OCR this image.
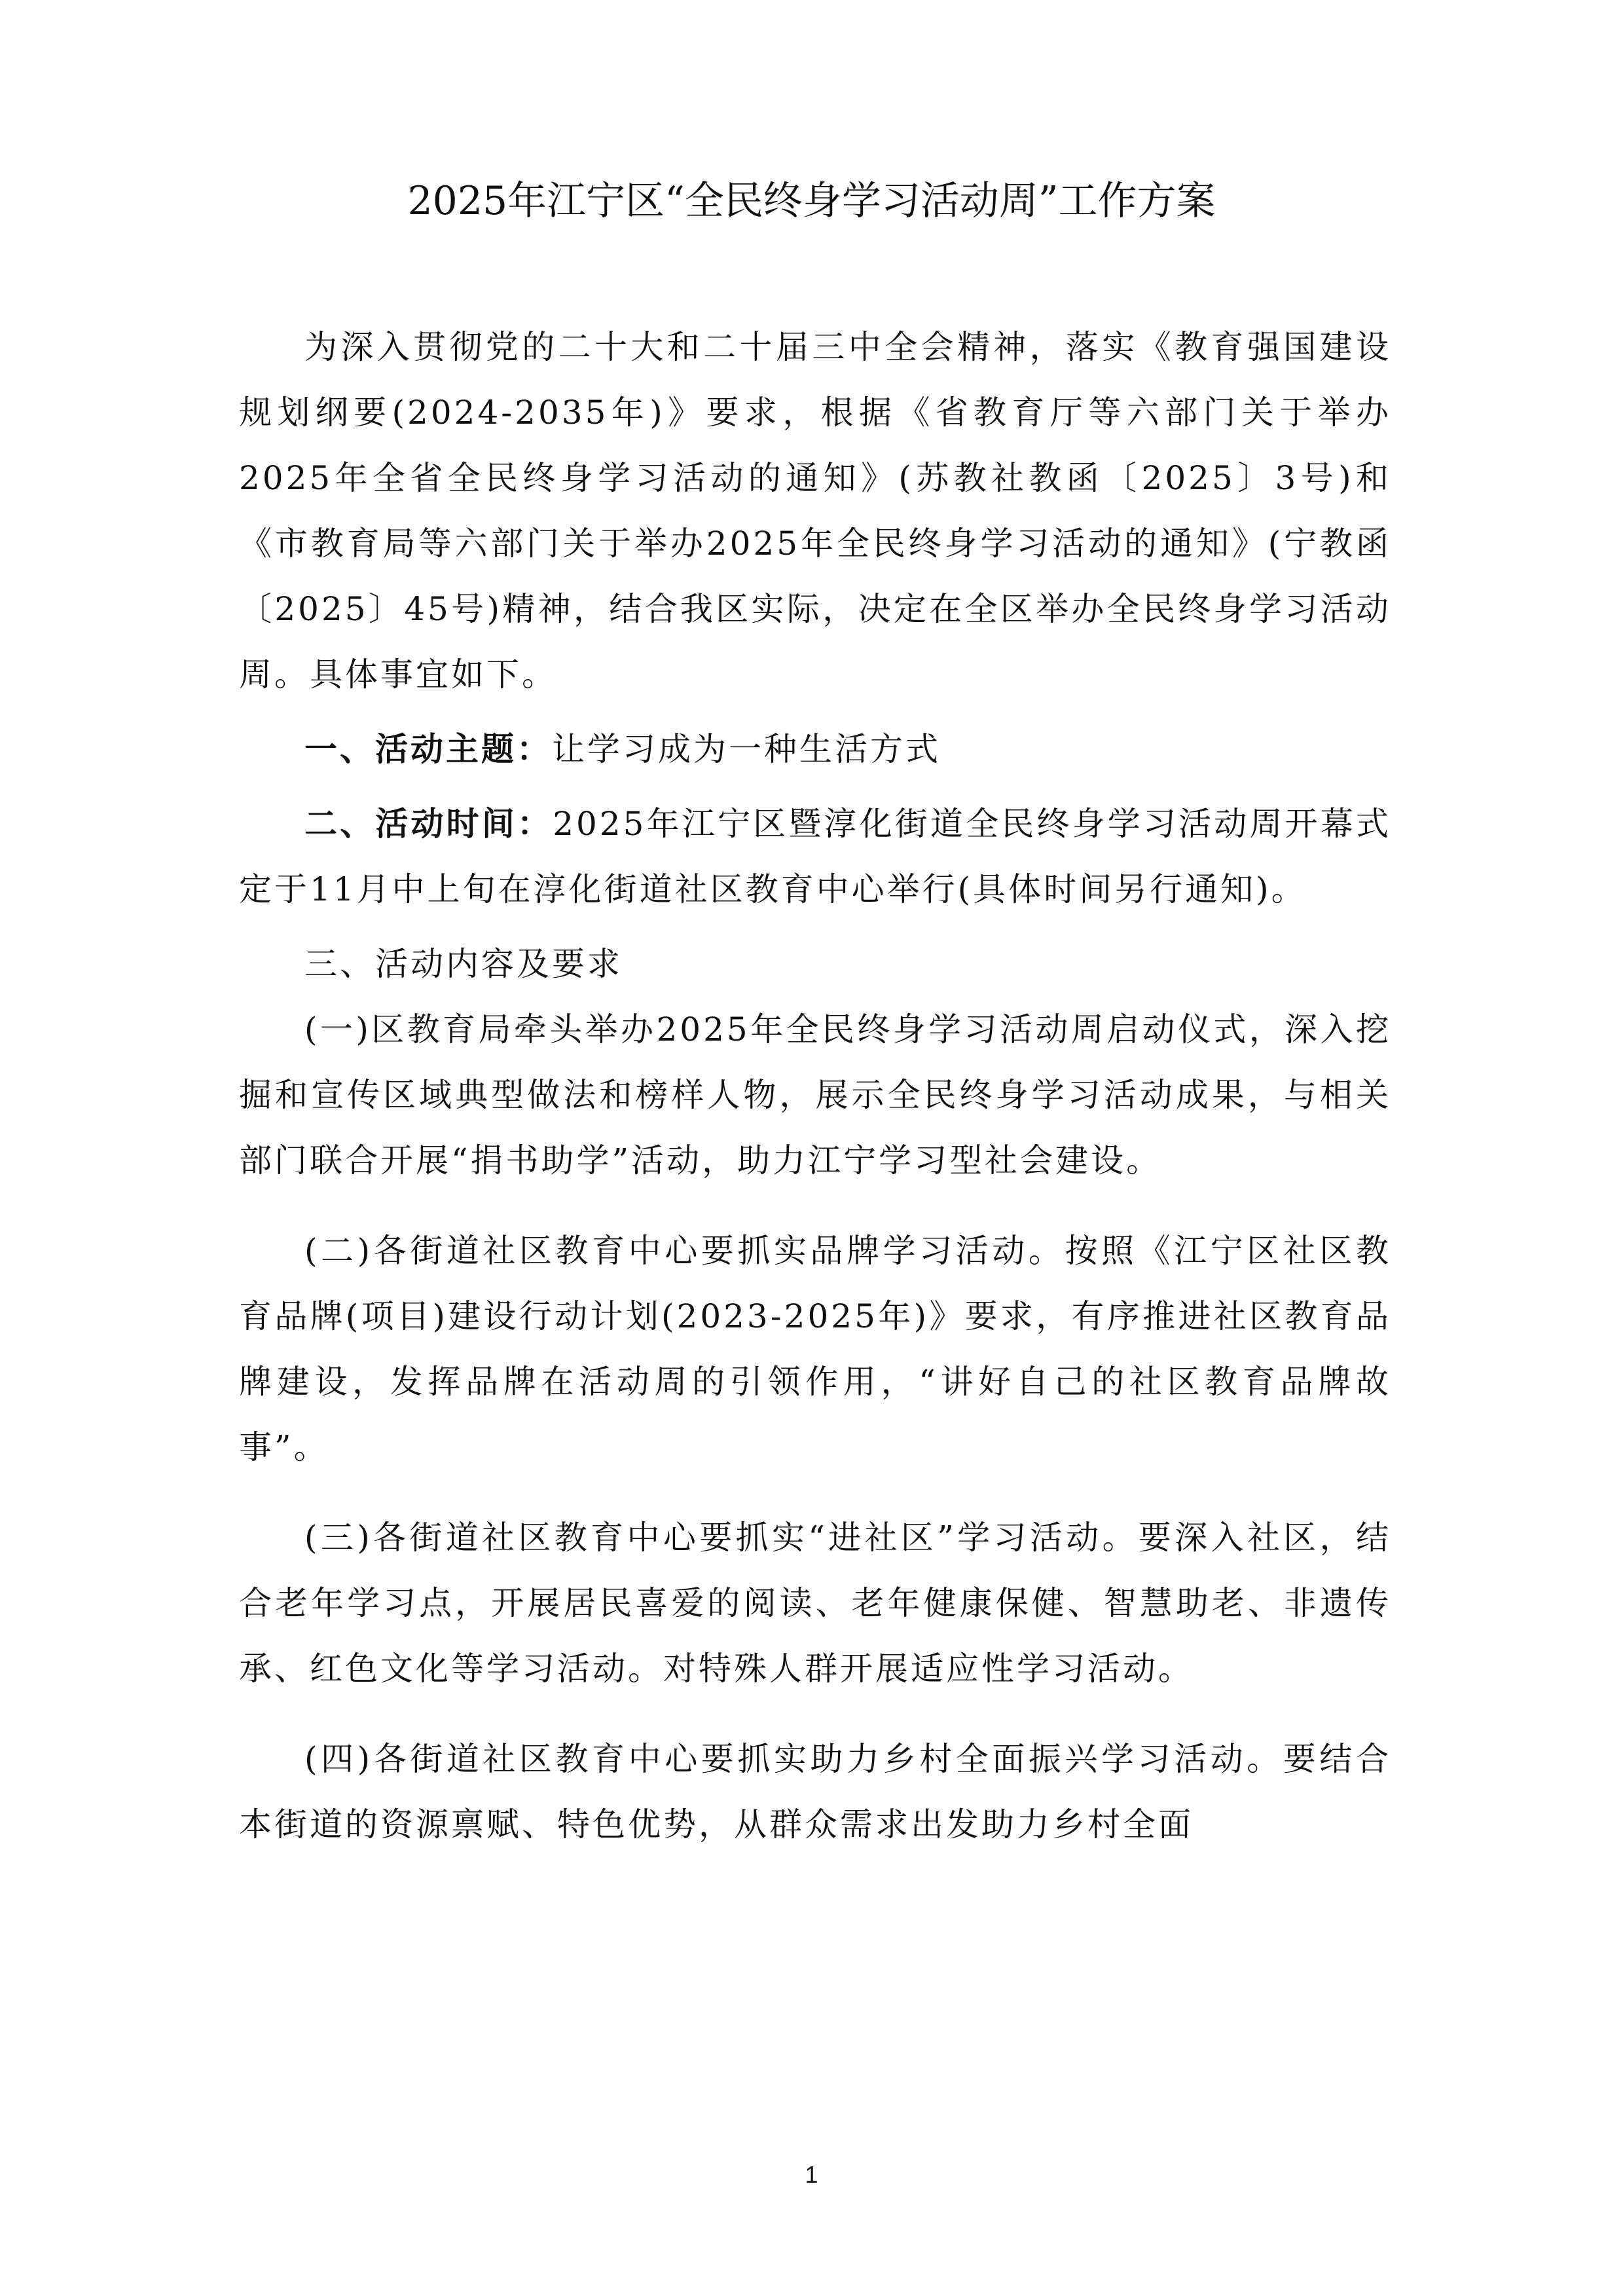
2025年江宁区“全民终身学习活动周”工作方案

为深入贯彻党的二十大和二十届三中全会精神，落实《教育强国建设规划纲要(2024-2035年)》要求，根据《省教育厅等六部门关于举办2025年全省全民终身学习活动的通知》(苏教社教函〔2025〕3号)和《市教育局等六部门关于举办2025年全民终身学习活动的通知》(宁教函〔2025〕45号)精神，结合我区实际，决定在全区举办全民终身学习活动周。具体事宜如下。

一、活动主题：让学习成为一种生活方式

二、活动时间：2025年江宁区暨淳化街道全民终身学习活动周开幕式定于11月中上旬在淳化街道社区教育中心举行(具体时间另行通知)。

三、活动内容及要求

(一)区教育局牵头举办2025年全民终身学习活动周启动仪式，深入挖掘和宣传区域典型做法和榜样人物，展示全民终身学习活动成果，与相关部门联合开展“捐书助学”活动，助力江宁学习型社会建设。

(二)各街道社区教育中心要抓实品牌学习活动。按照《江宁区社区教育品牌(项目)建设行动计划(2023-2025年)》要求，有序推进社区教育品牌建设，发挥品牌在活动周的引领作用，“讲好自己的社区教育品牌故事”。

(三)各街道社区教育中心要抓实“进社区”学习活动。要深入社区，结合老年学习点，开展居民喜爱的阅读、老年健康保健、智慧助老、非遗传承、红色文化等学习活动。对特殊人群开展适应性学习活动。

(四)各街道社区教育中心要抓实助力乡村全面振兴学习活动。要结合本街道的资源禀赋、特色优势，从群众需求出发助力乡村全面

1
